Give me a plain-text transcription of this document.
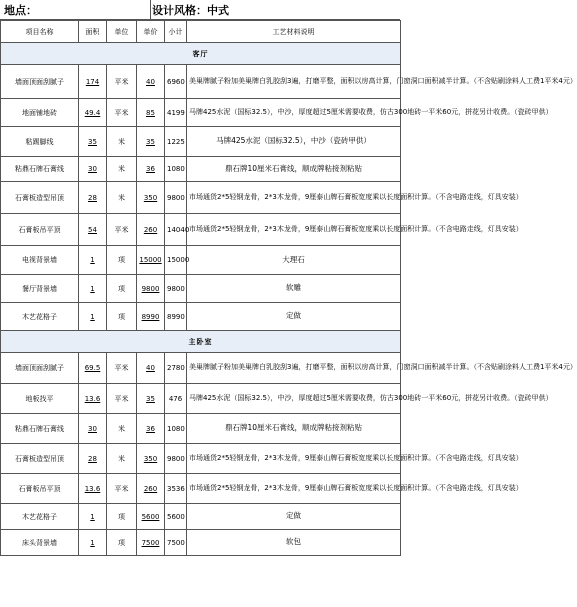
地点：	设计风格：中式
项目名称	面积	单位	单价	小计	工艺材料说明
客厅					
墙面顶面刮腻子	174	平米	40	6960	美巢牌腻子粉加美巢牌白乳胶刮3遍，打磨平整，面积以房高计算，门窗洞口面积减半计算。（不含贴刷涂料人工费1平米4元）
地面铺地砖	49.4	平米	85	4199	马牌425水泥（国标32.5），中沙，厚度超过5厘米需要收费，仿古300地砖一平米60元，拼花另计收费。（瓷砖甲供）
粘踢脚线	35	米	35	1225	马牌425水泥（国标32.5），中沙（瓷砖甲供）
粘鼎石牌石膏线	30	米	36	1080	鼎石牌10厘米石膏线，顺成牌粘接剂粘贴
石膏板造型吊顶	28	米	350	9800	市场通货2*5轻钢龙骨，2*3木龙骨，9厘泰山牌石膏板宽度乘以长度面积计算。（不含电路走线，灯具安装）
石膏板吊平顶	54	平米	260	14040	市场通货2*5轻钢龙骨，2*3木龙骨，9厘泰山牌石膏板宽度乘以长度面积计算。（不含电路走线，灯具安装）
电视背景墙	1	项	15000	15000	大理石
餐厅背景墙	1	项	9800	9800	软雕
木艺花格子	1	项	8990	8990	定做
主卧室					
墙面顶面刮腻子	69.5	平米	40	2780	美巢牌腻子粉加美巢牌白乳胶刮3遍，打磨平整，面积以房高计算，门窗洞口面积减半计算。（不含贴刷涂料人工费1平米4元）
地板找平	13.6	平米	35	476	马牌425水泥（国标32.5），中沙，厚度超过5厘米需要收费，仿古300地砖一平米60元，拼花另计收费。（瓷砖甲供）
粘鼎石牌石膏线	30	米	36	1080	鼎石牌10厘米石膏线，顺成牌粘接剂粘贴
石膏板造型吊顶	28	米	350	9800	市场通货2*5轻钢龙骨，2*3木龙骨，9厘泰山牌石膏板宽度乘以长度面积计算。（不含电路走线，灯具安装）
石膏板吊平顶	13.6	平米	260	3536	市场通货2*5轻钢龙骨，2*3木龙骨，9厘泰山牌石膏板宽度乘以长度面积计算。（不含电路走线，灯具安装）
木艺花格子	1	项	5600	5600	定做
床头背景墙	1	项	7500	7500	软包
